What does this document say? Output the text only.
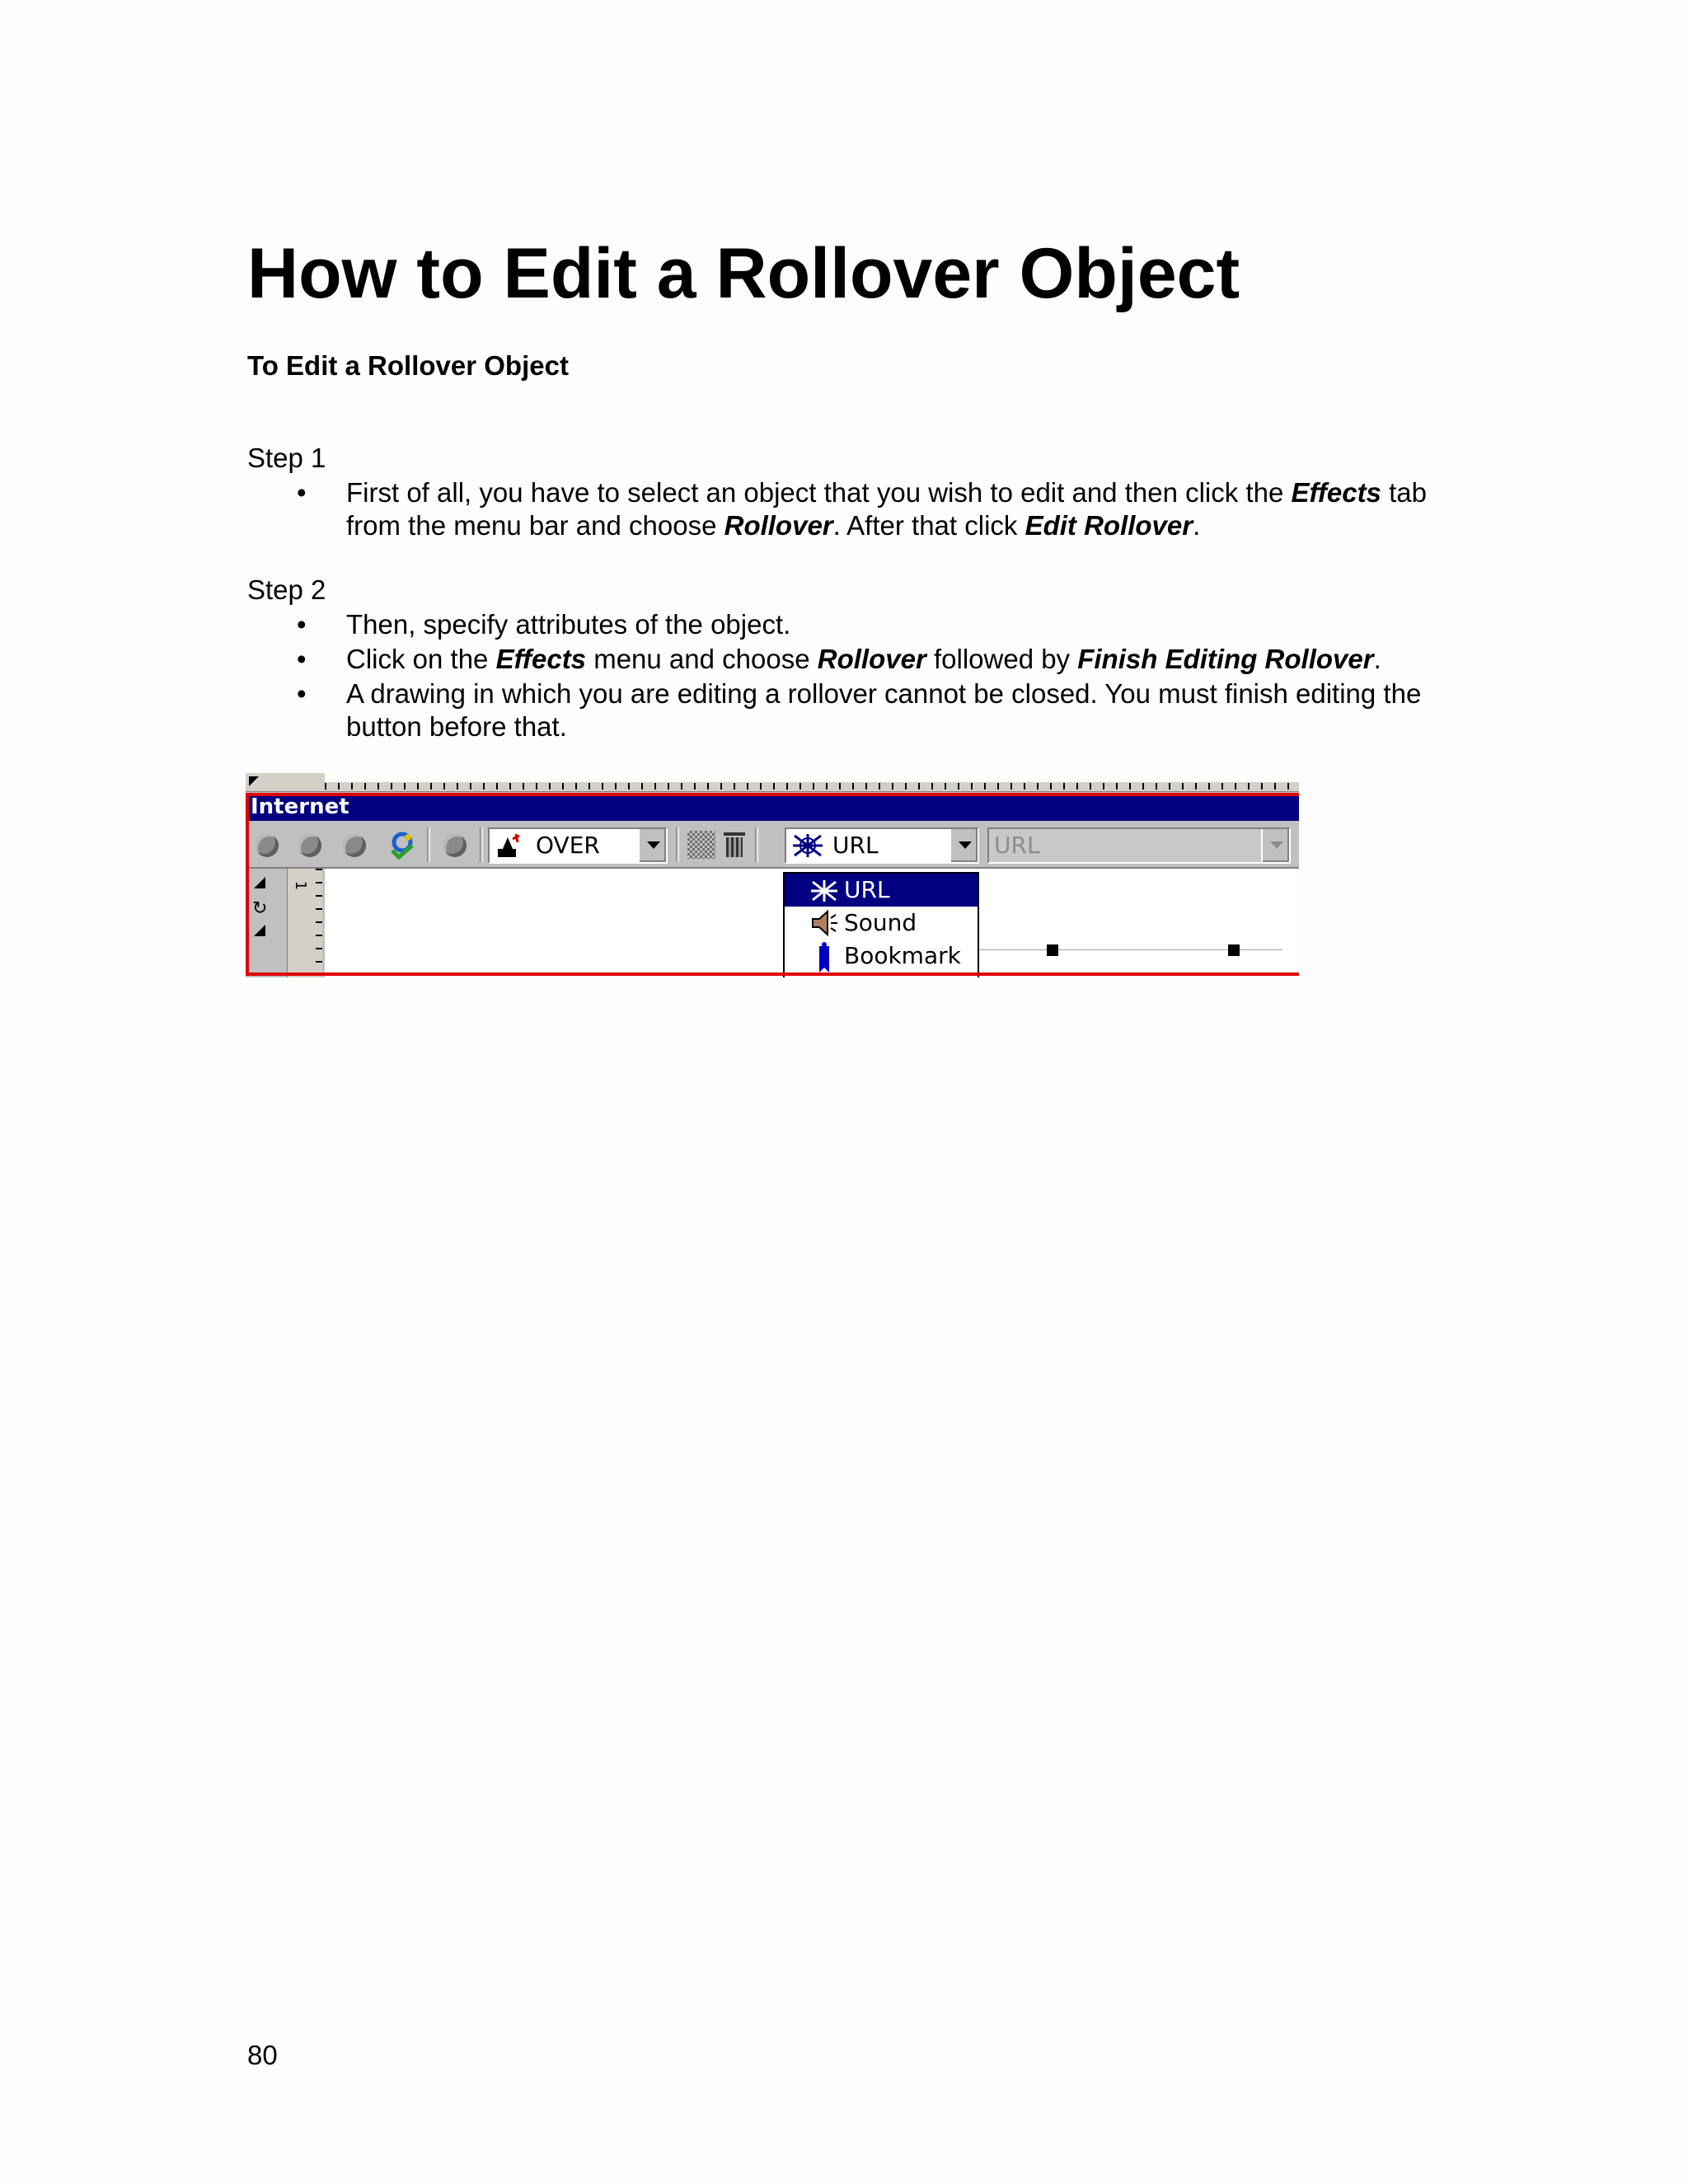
How to Edit a Rollover Object

To Edit a Rollover Object

Step 1

• First of all, you have to select an object that you wish to edit and then click the Effects tab from the menu bar and choose Rollover. After that click Edit Rollover.

Step 2

• Then, specify attributes of the object.
• Click on the Effects menu and choose Rollover followed by Finish Editing Rollover.
• A drawing in which you are editing a rollover cannot be closed. You must finish editing the button before that.
Internet
OVER	URL	URL
↻
1	URL
Sound
Bookmark

80
